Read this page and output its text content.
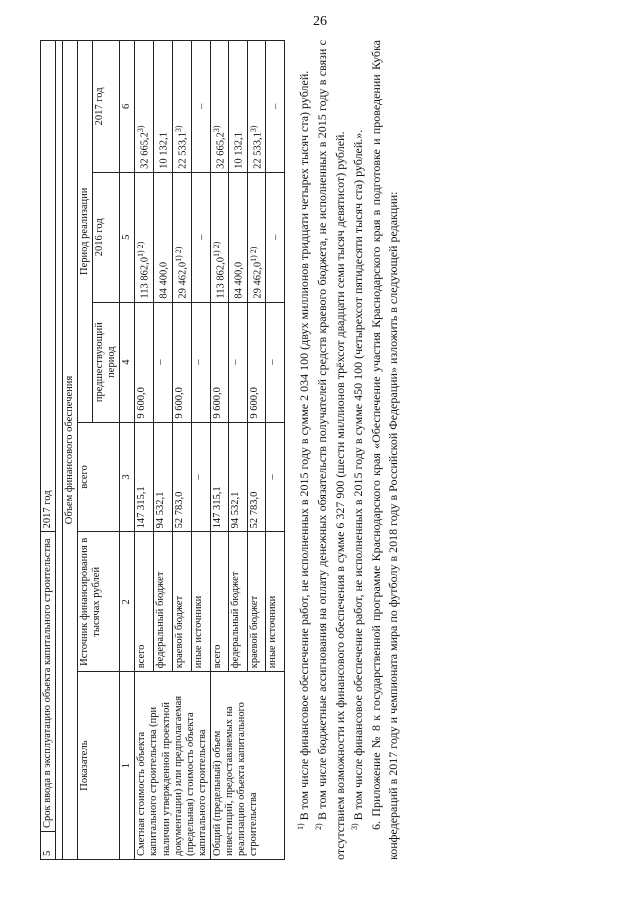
26
5	Срок ввода в эксплуатацию объекта капитального строительства		2017 год			

Объем финансового обеспечения						
Показатель		Источник финансирования в тысячах рублей	всего	Период реализации		
				предшествующий период	2016 год	2017 год
1		2	3	4	5	6
Сметная стоимость объекта капитального строительства (при наличии утвержденной проектной документации) или предполагаемая (предельная) стоимость объекта капитального строительства		всего	147 315,1	9 600,0	113 $862,0^{1) 2)}$	32 665,2$^{3)}$
		федеральный бюджет	94 532,1	–	84 400,0	10 132,1
		краевой бюджет	52 783,0	9 600,0	29 $462,0^{1) 2)}$	22 533,1$^{3)}$
		иные источники	–	–	–	–
Общий (предельный) объем инвестиций, предоставляемых на реализацию объекта капитального строительства		всего	147 315,1	9 600,0	113 $862,0^{1) 2)}$	32 665,2$^{3)}$
		федеральный бюджет	94 532,1	–	84 400,0	10 132,1
		краевой бюджет	52 783,0	9 600,0	29 $462,0^{1) 2)}$	22 533,1$^{3)}$
		иные источники	–	–	–	–

$^{1)}$ В том числе финансовое обеспечение работ, не исполненных в 2015 году в сумме 2 034 100 (двух миллионов тридцати четырех тысяч ста) рублей.

$^{2)}$ В том числе бюджетные ассигнования на оплату денежных обязательств получателей средств краевого бюджета, не исполненных в 2015 году в связи с отсутствием возможности их финансового обеспечения в сумме 6 327 900 (шести миллионов трёхсот двадцати семи тысяч девятисот) рублей. $^{3)}$ В том числе финансовое обеспечение работ, не исполненных в 2015 году в сумме 450 100 (четырехсот пятидесяти тысяч ста) рублей.». 6. Приложение № 8 к государственной программе Краснодарского края «Обеспечение участия Краснодарского края в подготовке и проведении Кубка конфедераций в 2017 году и чемпионата мира по футболу в 2018 году в Российской Федерации» изложить в следующей редакции:
